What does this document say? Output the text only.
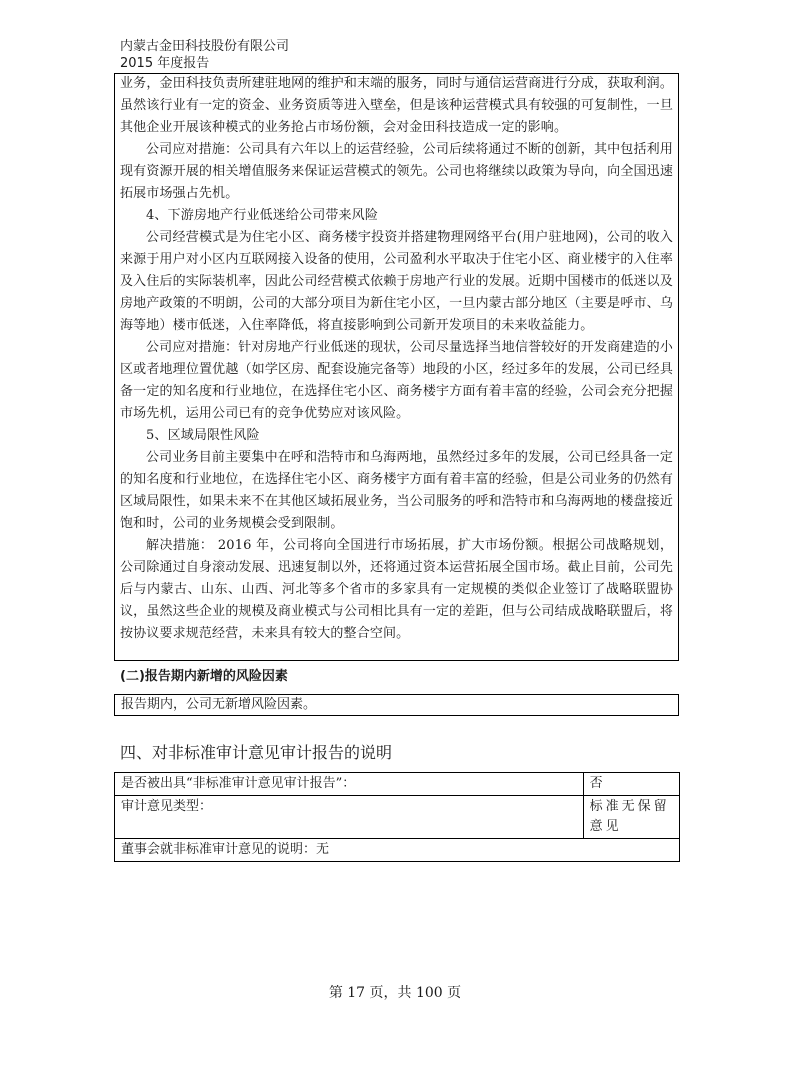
内蒙古金田科技股份有限公司
2015 年度报告

业务，金田科技负责所建驻地网的维护和末端的服务，同时与通信运营商进行分成，获取利润。虽然该行业有一定的资金、业务资质等进入壁垒，但是该种运营模式具有较强的可复制性，一旦其他企业开展该种模式的业务抢占市场份额，会对金田科技造成一定的影响。

公司应对措施：公司具有六年以上的运营经验，公司后续将通过不断的创新，其中包括利用现有资源开展的相关增值服务来保证运营模式的领先。公司也将继续以政策为导向，向全国迅速拓展市场强占先机。

4、下游房地产行业低迷给公司带来风险

公司经营模式是为住宅小区、商务楼宇投资并搭建物理网络平台(用户驻地网)，公司的收入来源于用户对小区内互联网接入设备的使用，公司盈利水平取决于住宅小区、商业楼宇的入住率及入住后的实际装机率，因此公司经营模式依赖于房地产行业的发展。近期中国楼市的低迷以及房地产政策的不明朗，公司的大部分项目为新住宅小区，一旦内蒙古部分地区（主要是呼市、乌海等地）楼市低迷，入住率降低，将直接影响到公司新开发项目的未来收益能力。

公司应对措施：针对房地产行业低迷的现状，公司尽量选择当地信誉较好的开发商建造的小区或者地理位置优越（如学区房、配套设施完备等）地段的小区，经过多年的发展，公司已经具备一定的知名度和行业地位，在选择住宅小区、商务楼宇方面有着丰富的经验，公司会充分把握市场先机，运用公司已有的竞争优势应对该风险。

5、区域局限性风险

公司业务目前主要集中在呼和浩特市和乌海两地，虽然经过多年的发展，公司已经具备一定的知名度和行业地位，在选择住宅小区、商务楼宇方面有着丰富的经验，但是公司业务的仍然有区域局限性，如果未来不在其他区域拓展业务，当公司服务的呼和浩特市和乌海两地的楼盘接近饱和时，公司的业务规模会受到限制。

解决措施： 2016 年，公司将向全国进行市场拓展，扩大市场份额。根据公司战略规划，公司除通过自身滚动发展、迅速复制以外，还将通过资本运营拓展全国市场。截止目前，公司先后与内蒙古、山东、山西、河北等多个省市的多家具有一定规模的类似企业签订了战略联盟协议，虽然这些企业的规模及商业模式与公司相比具有一定的差距，但与公司结成战略联盟后，将按协议要求规范经营，未来具有较大的整合空间。

(二)报告期内新增的风险因素
报告期内，公司无新增风险因素。
四、对非标准审计意见审计报告的说明
是否被出具“非标准审计意见审计报告”：	否
审计意见类型：	标准无保留意见
董事会就非标准审计意见的说明：无	
第 17 页，共 100 页
